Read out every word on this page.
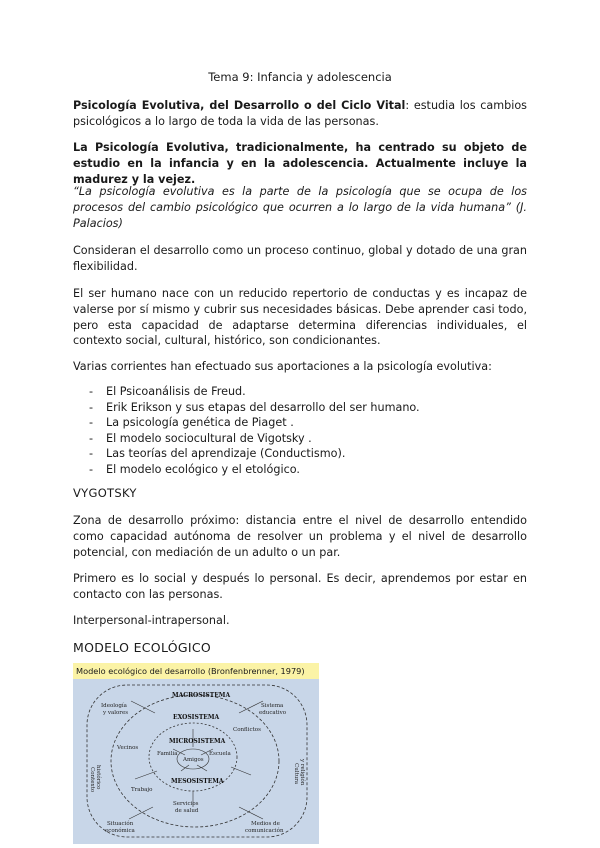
Tema 9: Infancia y adolescencia

Psicología Evolutiva, del Desarrollo o del Ciclo Vital: estudia los cambios psicológicos a lo largo de toda la vida de las personas.

La Psicología Evolutiva, tradicionalmente, ha centrado su objeto de estudio en la infancia y en la adolescencia. Actualmente incluye la madurez y la vejez.

“La psicología evolutiva es la parte de la psicología que se ocupa de los procesos del cambio psicológico que ocurren a lo largo de la vida humana” (J. Palacios)

Consideran el desarrollo como un proceso continuo, global y dotado de una gran flexibilidad.

El ser humano nace con un reducido repertorio de conductas y es incapaz de valerse por sí mismo y cubrir sus necesidades básicas. Debe aprender casi todo, pero esta capacidad de adaptarse determina diferencias individuales, el contexto social, cultural, histórico, son condicionantes.

Varias corrientes han efectuado sus aportaciones a la psicología evolutiva:

- El Psicoanálisis de Freud.
- Erik Erikson y sus etapas del desarrollo del ser humano.
- La psicología genética de Piaget .
- El modelo sociocultural de Vigotsky .
- Las teorías del aprendizaje (Conductismo).
- El modelo ecológico y el etológico.
VYGOTSKY

Zona de desarrollo próximo: distancia entre el nivel de desarrollo entendido como capacidad autónoma de resolver un problema y el nivel de desarrollo potencial, con mediación de un adulto o un par.

Primero es lo social y después lo personal. Es decir, aprendemos por estar en contacto con las personas.

Interpersonal-intrapersonal.

MODELO ECOLÓGICO
Modelo ecológico del desarrollo (Bronfenbrenner, 1979)
MACROSISTEMA
EXOSISTEMA
MICROSISTEMA
MESOSISTEMA
Ideología
y valores
Sistema
educativo
Familia	Escuela
Amigos
Vecinos
Conflictos
Trabajo
Servicios
de salud
Situación
económica
Medios de
comunicación
Contexto histórico	Cultura y religión
